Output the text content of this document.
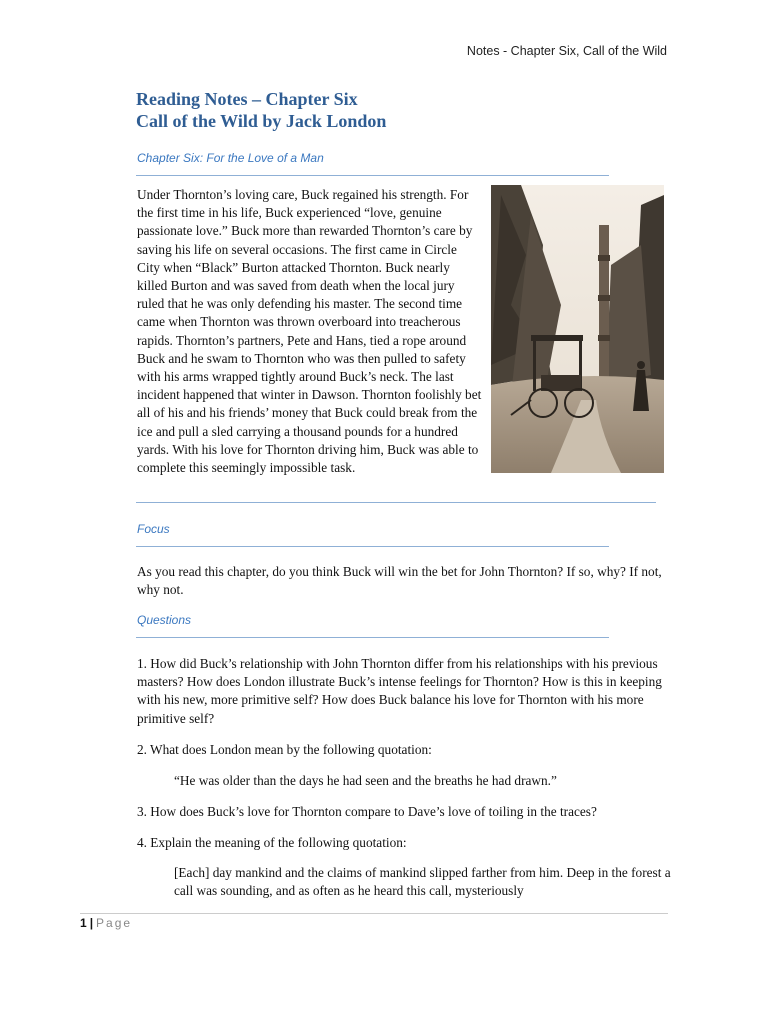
Notes - Chapter Six, Call of the Wild
Reading Notes – Chapter Six
Call of the Wild by Jack London
Chapter Six: For the Love of a Man
Under Thornton’s loving care, Buck regained his strength. For the first time in his life, Buck experienced “love, genuine passionate love.” Buck more than rewarded Thornton’s care by saving his life on several occasions. The first came in Circle City when “Black” Burton attacked Thornton. Buck nearly killed Burton and was saved from death when the local jury ruled that he was only defending his master. The second time came when Thornton was thrown overboard into treacherous rapids. Thornton’s partners, Pete and Hans, tied a rope around Buck and he swam to Thornton who was then pulled to safety with his arms wrapped tightly around Buck’s neck. The last incident happened that winter in Dawson. Thornton foolishly bet all of his and his friends’ money that Buck could break from the ice and pull a sled carrying a thousand pounds for a hundred yards. With his love for Thornton driving him, Buck was able to complete this seemingly impossible task.
Focus
As you read this chapter, do you think Buck will win the bet for John Thornton? If so, why? If not, why not.
Questions
1. How did Buck’s relationship with John Thornton differ from his relationships with his previous masters? How does London illustrate Buck’s intense feelings for Thornton? How is this in keeping with his new, more primitive self? How does Buck balance his love for Thornton with his more primitive self?
2. What does London mean by the following quotation:
“He was older than the days he had seen and the breaths he had drawn.”
3. How does Buck’s love for Thornton compare to Dave’s love of toiling in the traces?
4. Explain the meaning of the following quotation:
[Each] day mankind and the claims of mankind slipped farther from him. Deep in the forest a call was sounding, and as often as he heard this call, mysteriously
1 | Page
